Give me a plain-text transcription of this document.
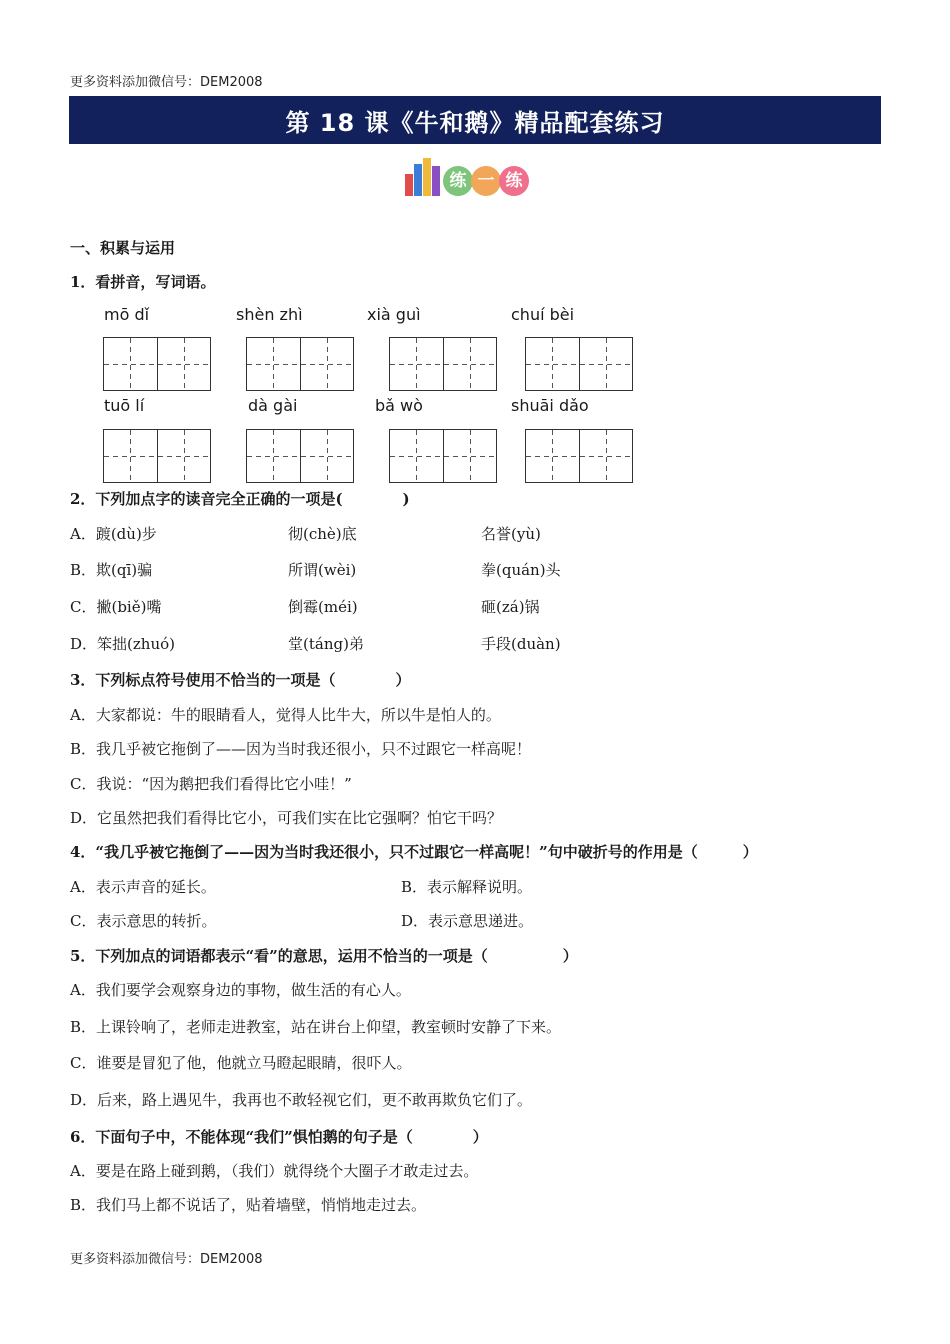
更多资料添加微信号：DEM2008
第 18 课《牛和鹅》精品配套练习
练 一 练
一、积累与运用
1．看拼音，写词语。
mō dǐ	shèn zhì	xià guì	chuí bèi
tuō lí	dà gài	bǎ wò	shuāi dǎo
2．下列加点字的读音完全正确的一项是(　　　　)
A．踱(dù)步	彻(chè)底	名誉(yù)
B．欺(qī)骗	所谓(wèi)	拳(quán)头
C．撇(biě)嘴	倒霉(méi)	砸(zá)锅
D．笨拙(zhuó)	堂(táng)弟	手段(duàn)
3．下列标点符号使用不恰当的一项是（　　　　）
A．大家都说：牛的眼睛看人，觉得人比牛大，所以牛是怕人的。
B．我几乎被它拖倒了——因为当时我还很小，只不过跟它一样高呢！
C．我说：“因为鹅把我们看得比它小哇！”
D．它虽然把我们看得比它小，可我们实在比它强啊？怕它干吗？
4．“我几乎被它拖倒了——因为当时我还很小，只不过跟它一样高呢！”句中破折号的作用是（　　　）
A．表示声音的延长。	B．表示解释说明。
C．表示意思的转折。	D．表示意思递进。
5．下列加点的词语都表示“看”的意思，运用不恰当的一项是（　　　　　）
A．我们要学会观察身边的事物，做生活的有心人。
B．上课铃响了，老师走进教室，站在讲台上仰望，教室顿时安静了下来。
C．谁要是冒犯了他，他就立马瞪起眼睛，很吓人。
D．后来，路上遇见牛，我再也不敢轻视它们，更不敢再欺负它们了。
6．下面句子中，不能体现“我们”惧怕鹅的句子是（　　　　）
A．要是在路上碰到鹅，（我们）就得绕个大圈子才敢走过去。
B．我们马上都不说话了，贴着墙壁，悄悄地走过去。
更多资料添加微信号：DEM2008
